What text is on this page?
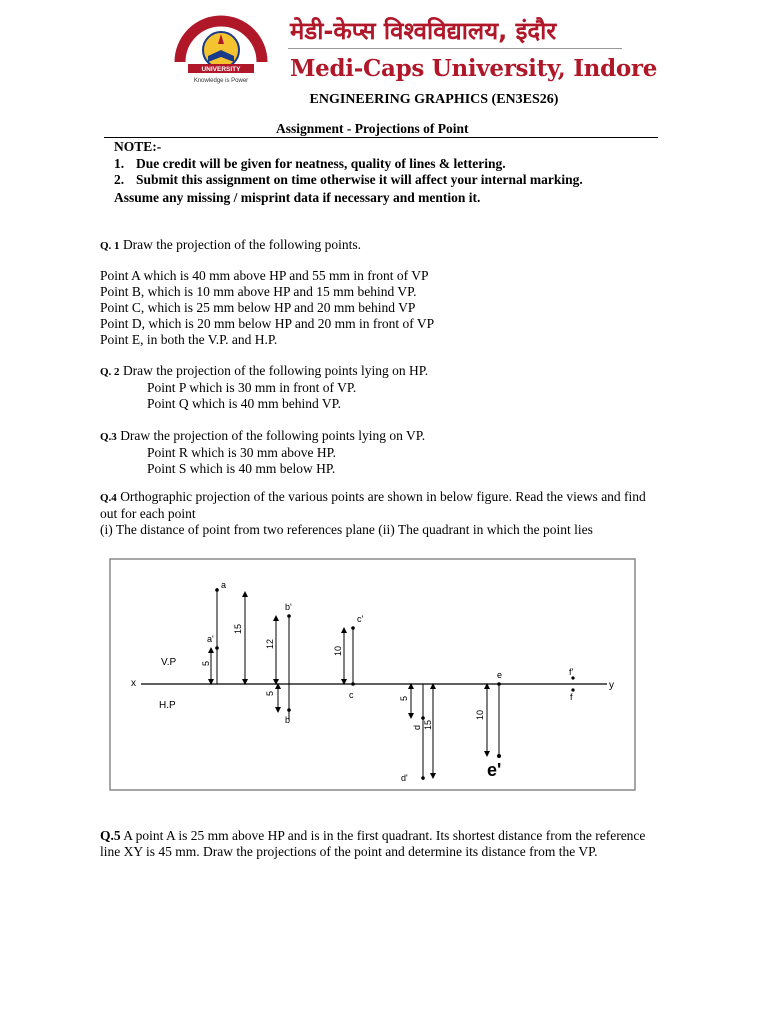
UNIVERSITY
Knowledge is Power
मेडी-केप्स विश्वविद्यालय, इंदौर
Medi-Caps University, Indore
ENGINEERING GRAPHICS (EN3ES26)
Assignment - Projections of Point
NOTE:-
1. Due credit will be given for neatness, quality of lines & lettering.
2. Submit this assignment on time otherwise it will affect your internal marking.
Assume any missing / misprint data if necessary and mention it.
Q. 1 Draw the projection of the following points.
Point A which is 40 mm above HP and 55 mm in front of VP
Point B, which is 10 mm above HP and 15 mm behind VP.
Point C, which is 25 mm below HP and 20 mm behind VP
Point D, which is 20 mm below HP and 20 mm in front of VP
Point E, in both the V.P. and H.P.
Q. 2 Draw the projection of the following points lying on HP.
Point P which is 30 mm in front of VP.
Point Q which is 40 mm behind VP.
Q.3 Draw the projection of the following points lying on VP.
Point R which is 30 mm above HP.
Point S which is 40 mm below HP.
Q.4 Orthographic projection of the various points are shown in below figure. Read the views and find out for each point
(i) The distance of point from two references plane (ii) The quadrant in which the point lies
x	y
V.P
H.P
a
a'
5
15
b'
12
5
b
c'
10
c	5
d 15
d'
e
10
e'
f'
f
Q.5 A point A is 25 mm above HP and is in the first quadrant. Its shortest distance from the reference line XY is 45 mm. Draw the projections of the point and determine its distance from the VP.
